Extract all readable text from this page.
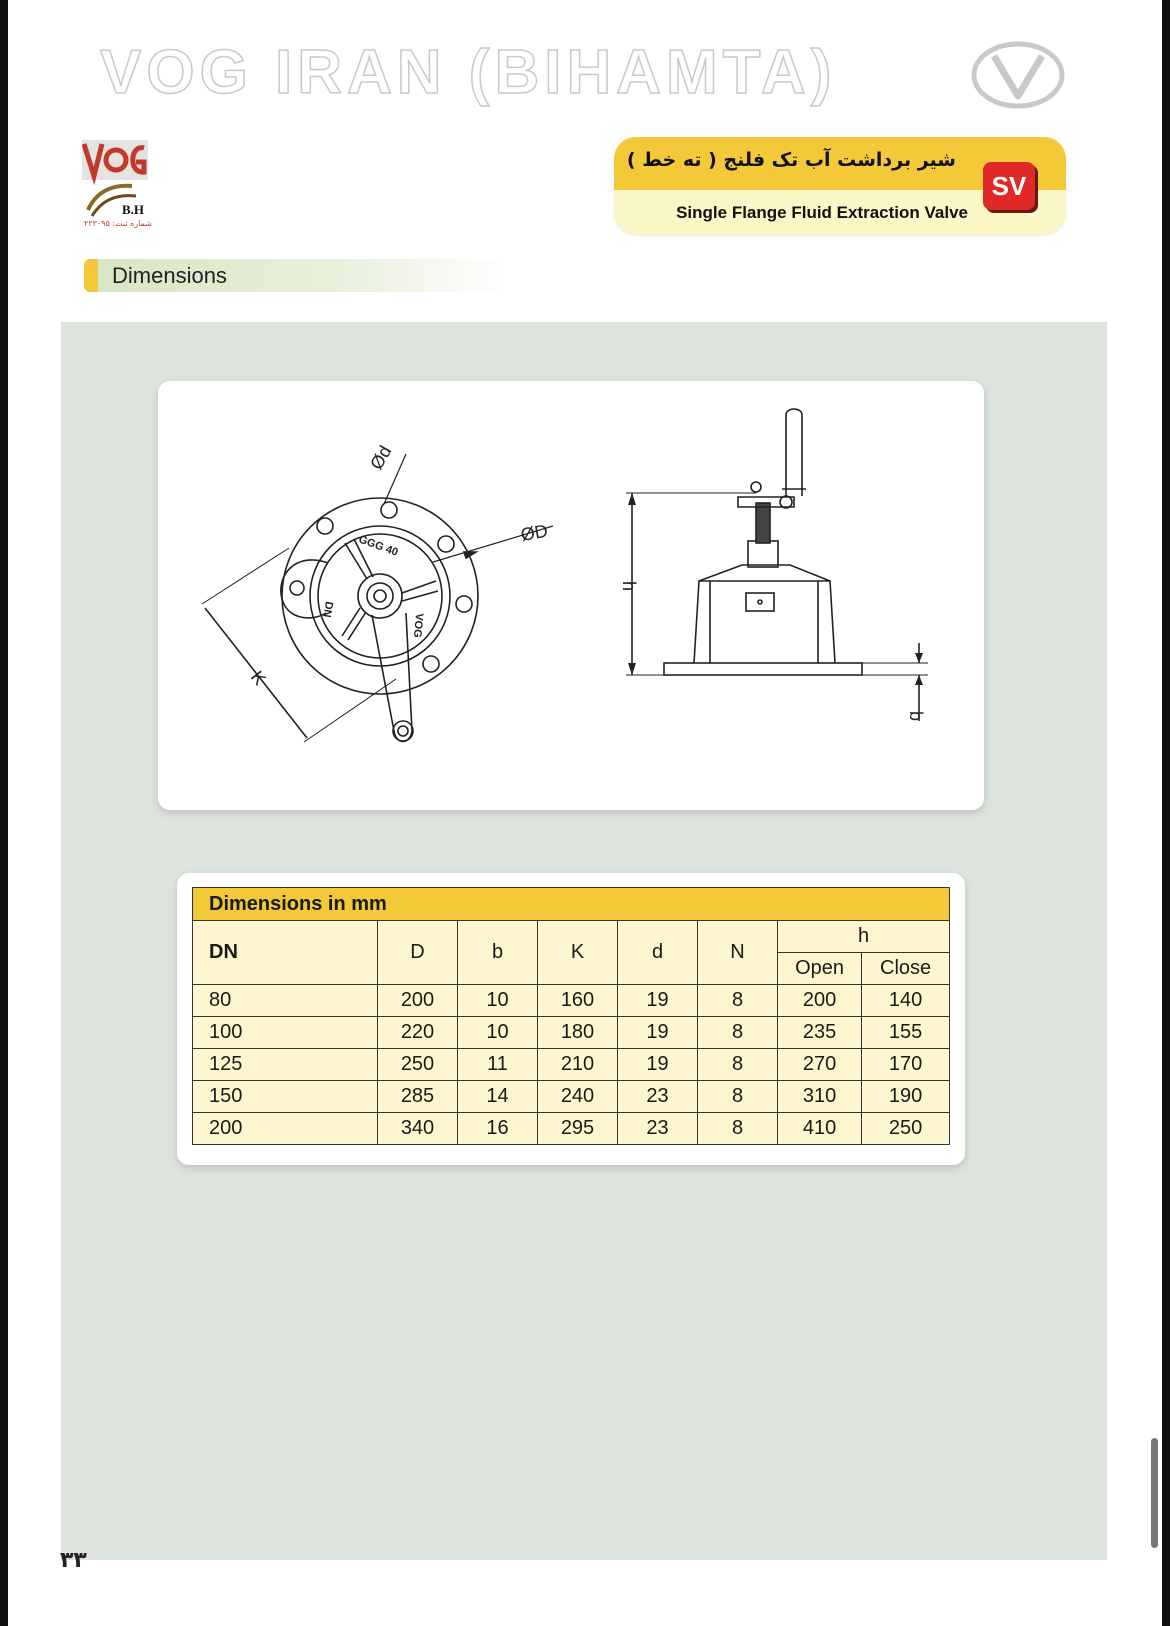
VOG IRAN (BIHAMTA)
B.H
شماره ثبت: ۲۲۳۰۹۵
شیر برداشت آب تک فلنج ( ته خط )
Single Flange Fluid Extraction Valve
SV
Dimensions
Ød
ØD
K
GGG 40
VOG
DN
h
b
Dimensions in mm							
DN	D	b	K	d	N	h	
						Open	Close
80	200	10	160	19	8	200	140
100	220	10	180	19	8	235	155
125	250	11	210	19	8	270	170
150	285	14	240	23	8	310	190
200	340	16	295	23	8	410	250
۳۳
